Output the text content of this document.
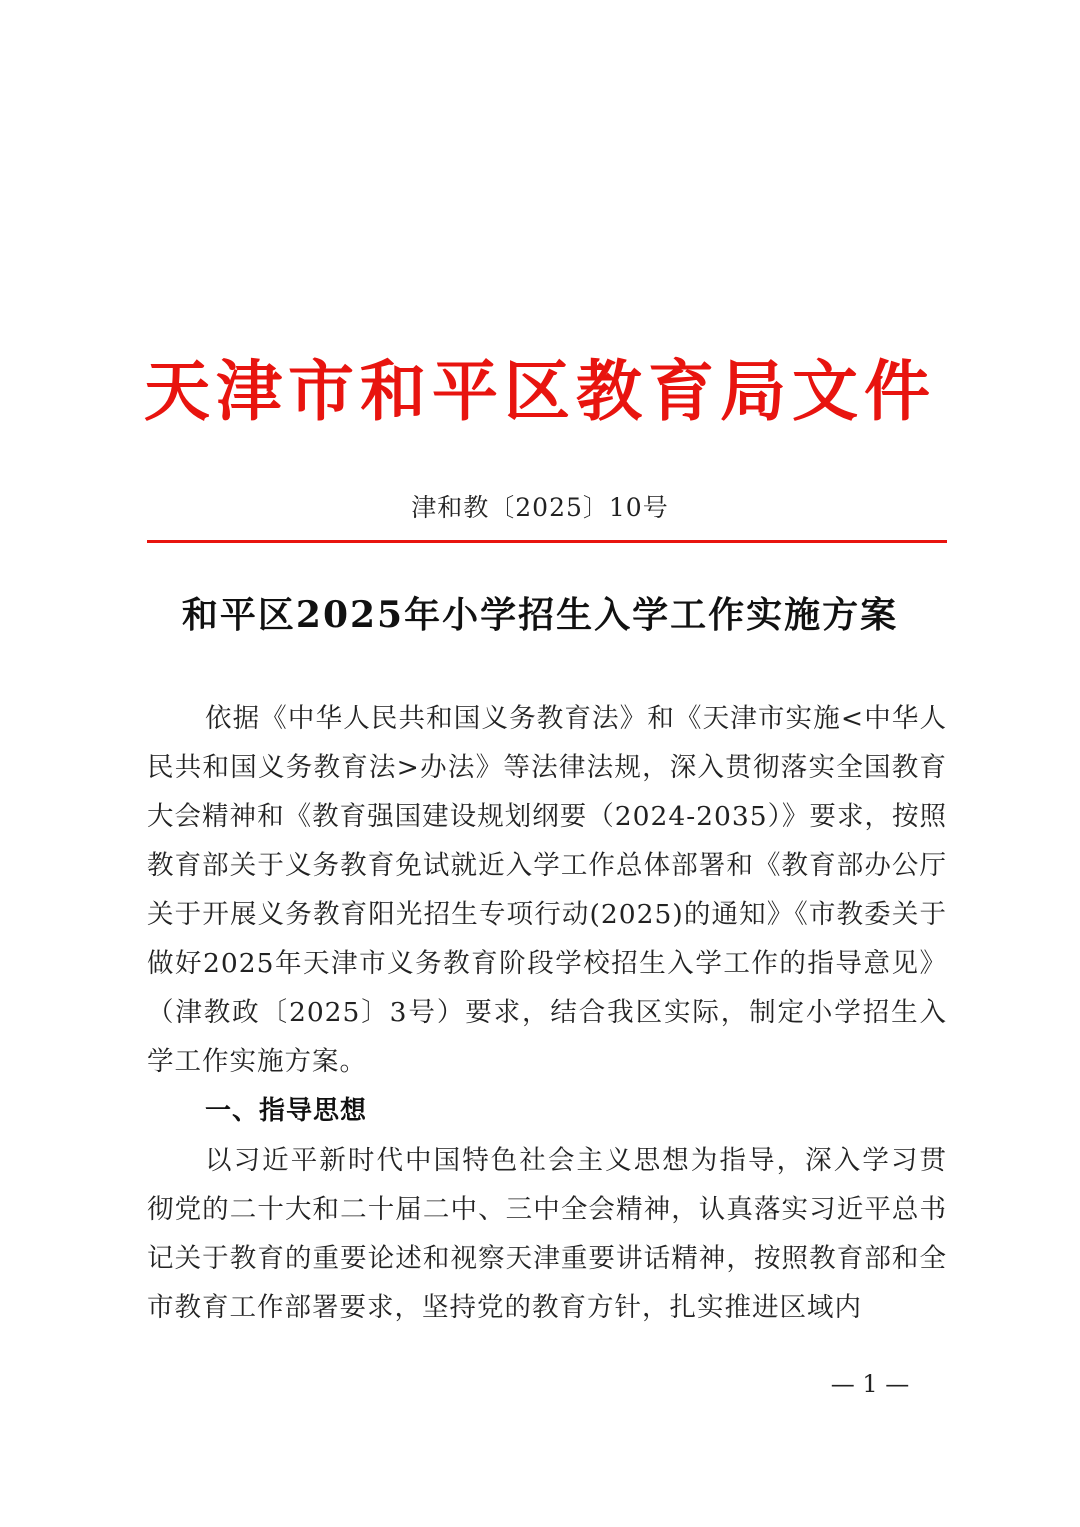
天津市和平区教育局文件
津和教〔2025〕10号
和平区2025年小学招生入学工作实施方案
依据《中华人民共和国义务教育法》和《天津市实施<中华人民共和国义务教育法>办法》等法律法规，深入贯彻落实全国教育大会精神和《教育强国建设规划纲要（2024-2035）》要求，按照教育部关于义务教育免试就近入学工作总体部署和《教育部办公厅关于开展义务教育阳光招生专项行动(2025)的通知》《市教委关于做好2025年天津市义务教育阶段学校招生入学工作的指导意见》（津教政〔2025〕3号）要求，结合我区实际，制定小学招生入学工作实施方案。
一、指导思想
以习近平新时代中国特色社会主义思想为指导，深入学习贯彻党的二十大和二十届二中、三中全会精神，认真落实习近平总书记关于教育的重要论述和视察天津重要讲话精神，按照教育部和全市教育工作部署要求，坚持党的教育方针，扎实推进区域内
— 1 —
